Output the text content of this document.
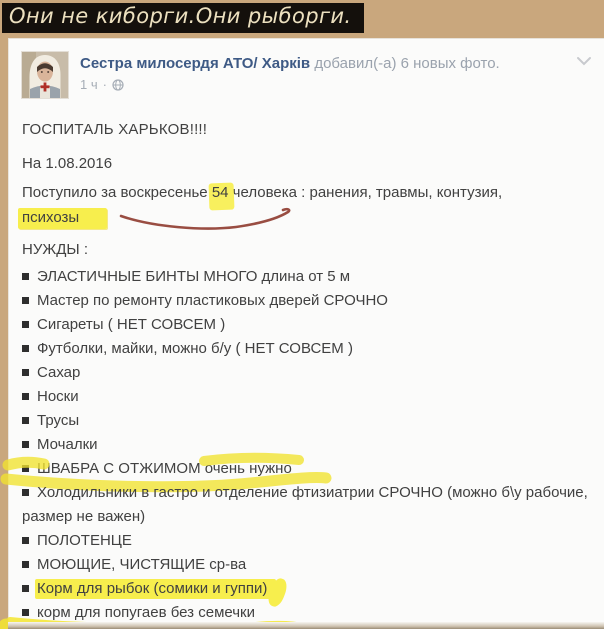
Они не киборги.Они рыборги.
Сестра милосердя АТО/ Харків добавил(-а) 6 новых фото.
1 ч ·

ГОСПИТАЛЬ ХАРЬКОВ!!!!

На 1.08.2016

Поступило за воскресенье 54 человека : ранения, травмы, контузия,

психозы

НУЖДЫ :

ЭЛАСТИЧНЫЕ БИНТЫ МНОГО длина от 5 м
Мастер по ремонту пластиковых дверей СРОЧНО
Сигареты ( НЕТ СОВСЕМ )
Футболки, майки, можно б/у ( НЕТ СОВСЕМ )
Сахар
Носки
Трусы
Мочалки
ШВАБРА С ОТЖИМОМ очень нужно
Холодильники в гастро и отделение фтизиатрии СРОЧНО (можно б\у рабочие, размер не важен)
ПОЛОТЕНЦЕ
МОЮЩИЕ, ЧИСТЯЩИЕ ср-ва
Корм для рыбок (сомики и гуппи)
корм для попугаев без семечки
